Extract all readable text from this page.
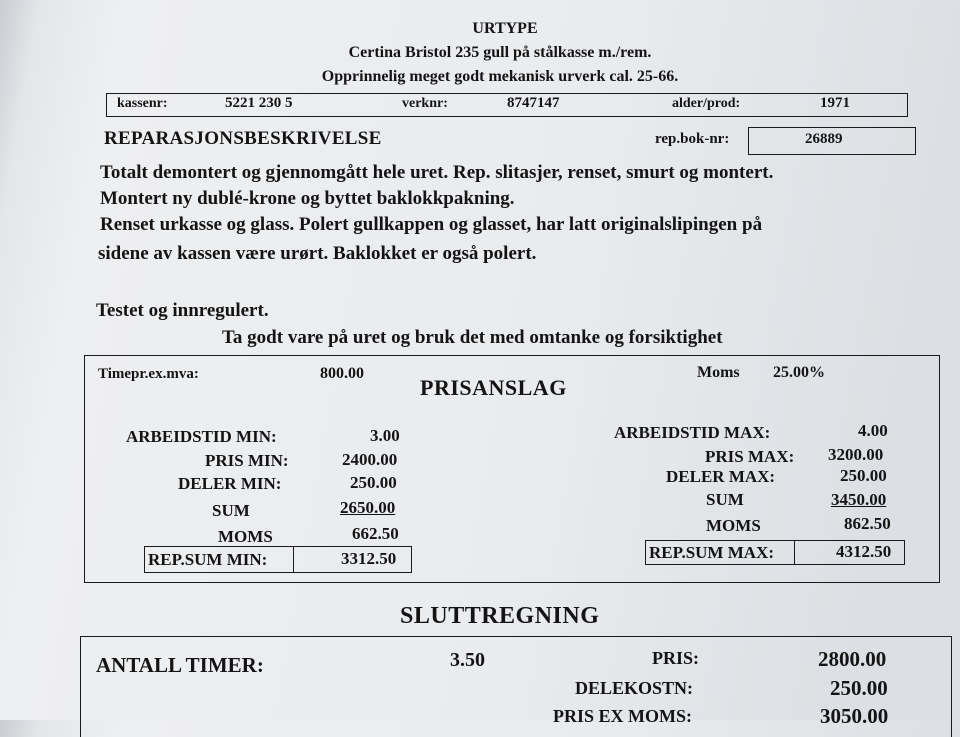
URTYPE
Certina Bristol 235 gull på stålkasse m./rem.
Opprinnelig meget godt mekanisk urverk cal. 25-66.
kassenr:	5221 230 5	verknr:	8747147	alder/prod:	1971
REPARASJONSBESKRIVELSE	rep.bok-nr:	26889
Totalt demontert og gjennomgått hele uret. Rep. slitasjer, renset, smurt og montert.
Montert ny dublé-krone og byttet baklokkpakning.
Renset urkasse og glass. Polert gullkappen og glasset, har latt originalslipingen på
sidene av kassen være urørt. Baklokket er også polert.
Testet og innregulert.
Ta godt vare på uret og bruk det med omtanke og forsiktighet
Timepr.ex.mva:	800.00
PRISANSLAG
Moms 25.00%
ARBEIDSTID MIN:	3.00
PRIS MIN:	2400.00
DELER MIN:	250.00
SUM	2650.00
MOMS	662.50
REP.SUM MIN:	3312.50
ARBEIDSTID MAX:	4.00
PRIS MAX: 3200.00
DELER MAX:	250.00
SUM	3450.00
MOMS	862.50
REP.SUM MAX:	4312.50
SLUTTREGNING
ANTALL TIMER:	3.50	PRIS:	2800.00
DELEKOSTN:	250.00
PRIS EX MOMS:	3050.00
